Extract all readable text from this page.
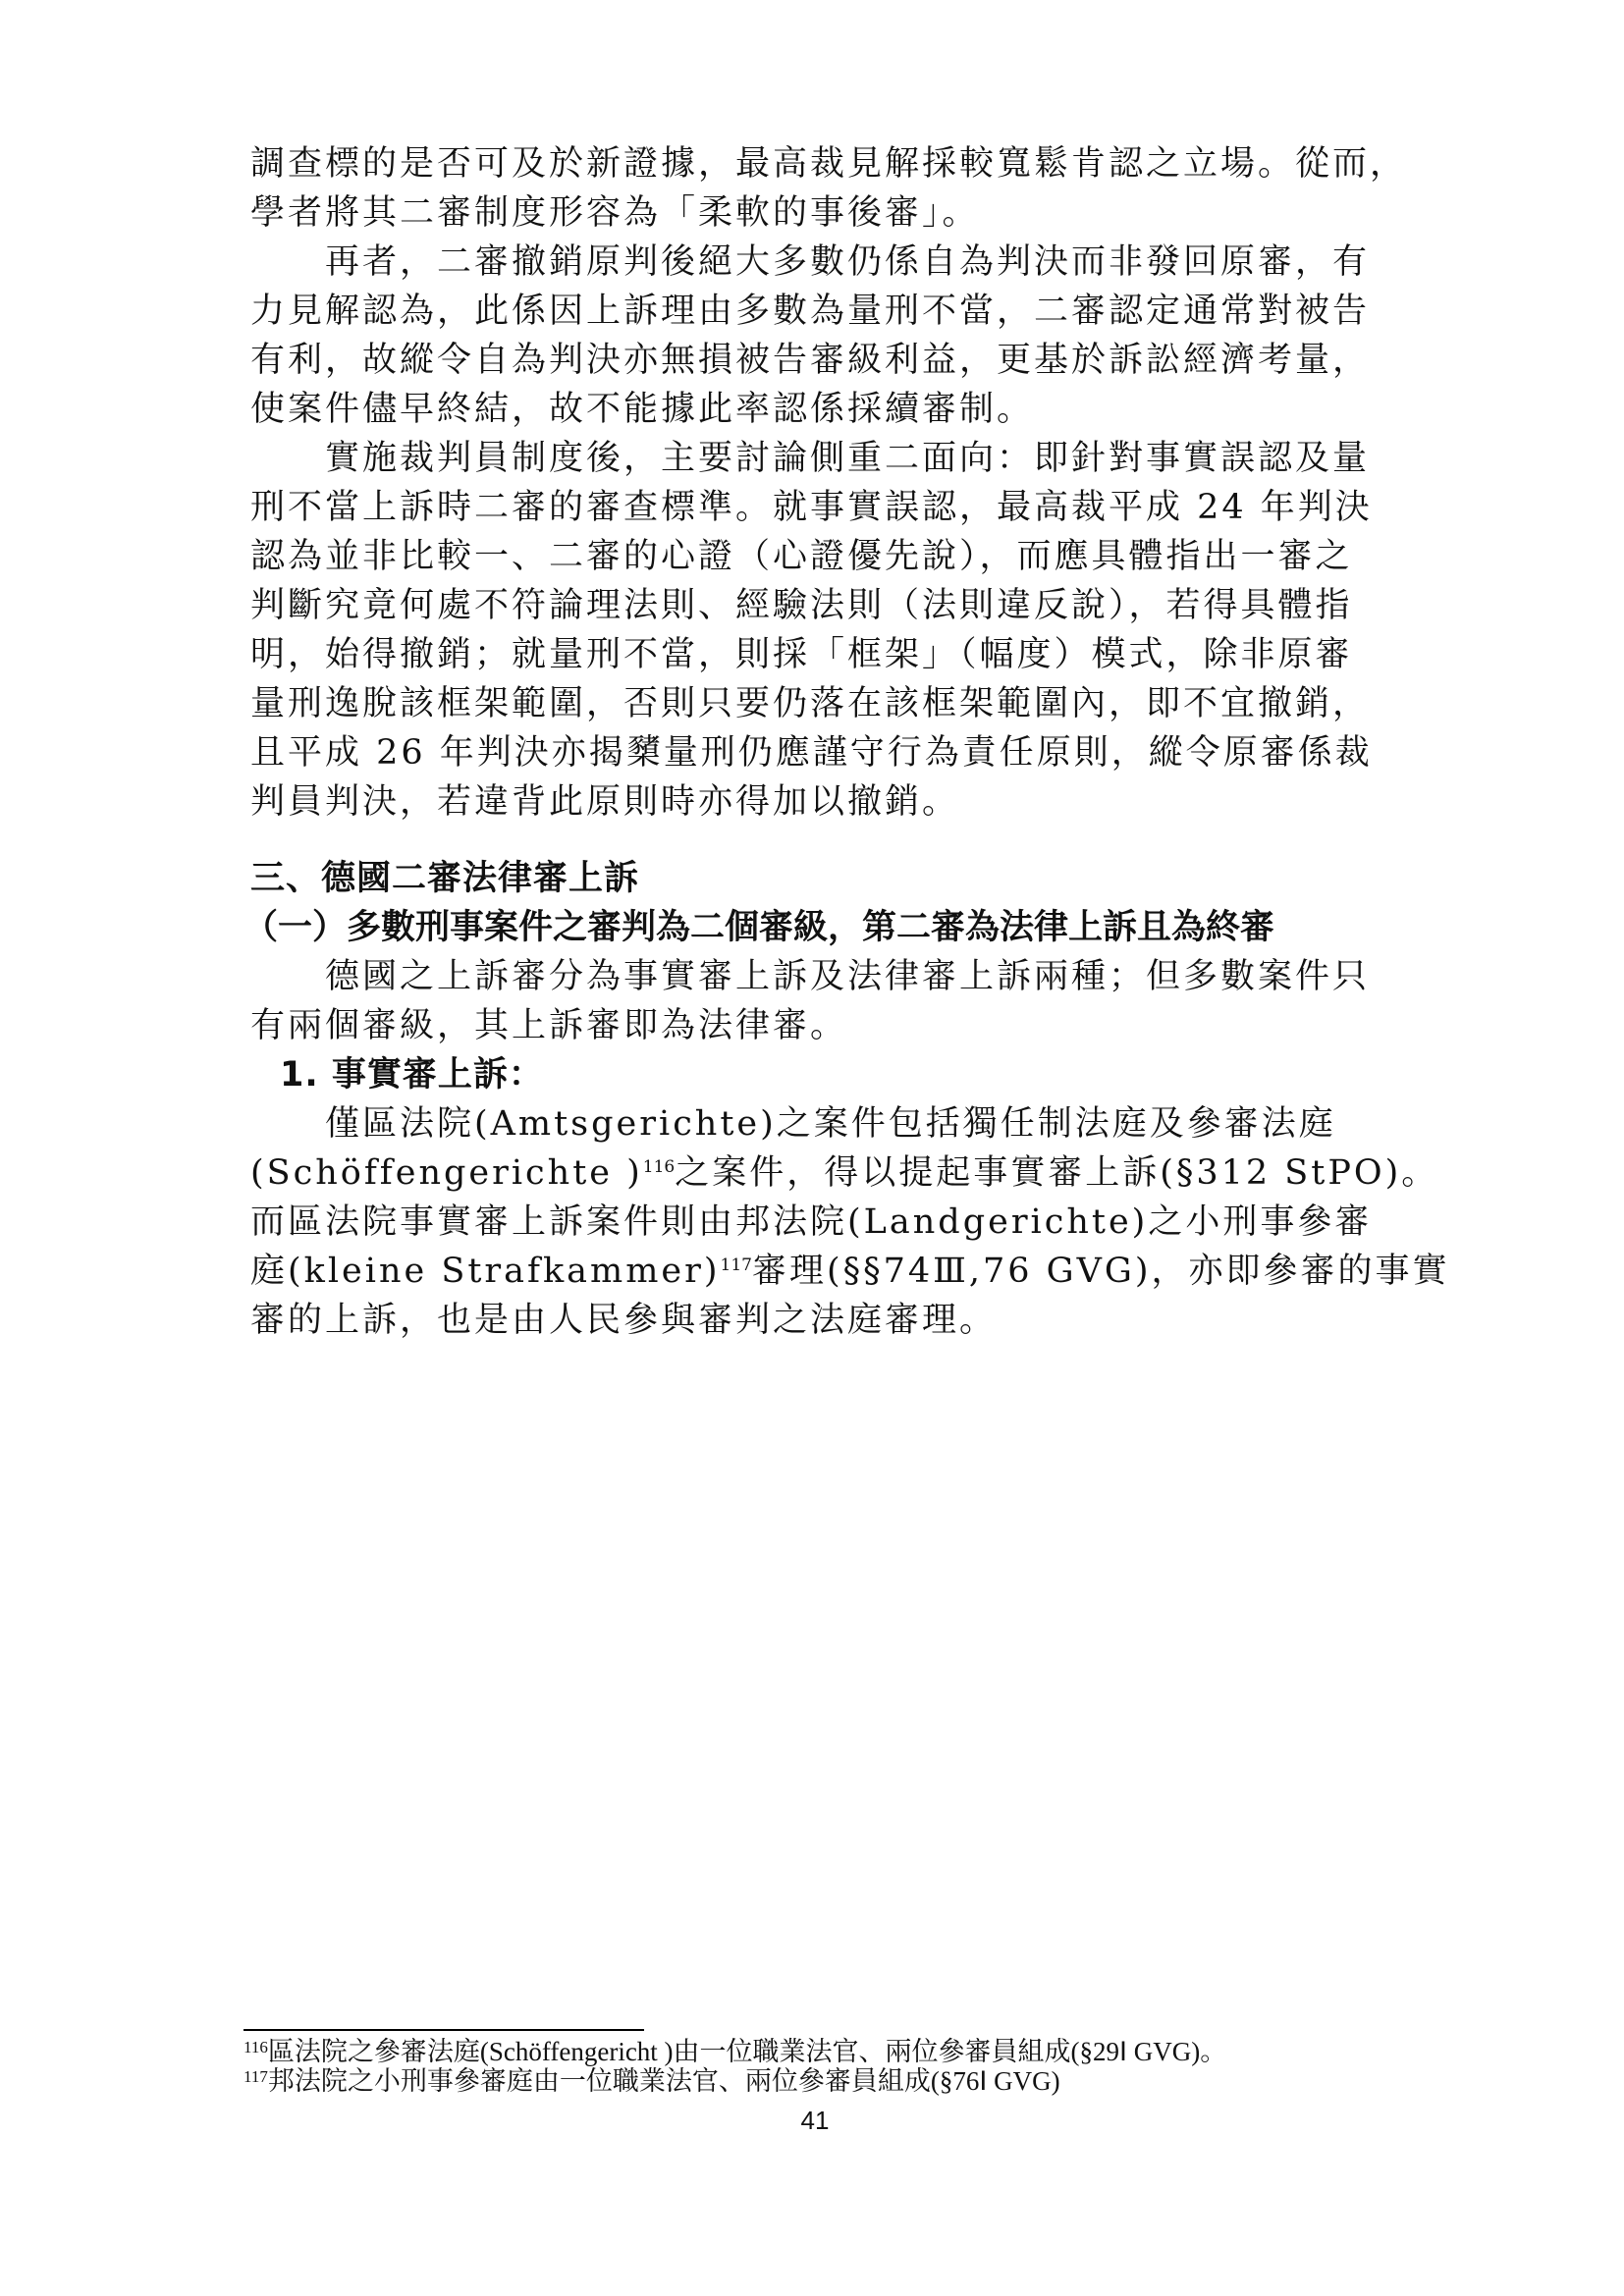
調查標的是否可及於新證據，最高裁見解採較寬鬆肯認之立場。從而，
學者將其二審制度形容為「柔軟的事後審」。
　　再者，二審撤銷原判後絕大多數仍係自為判決而非發回原審，有
力見解認為，此係因上訴理由多數為量刑不當，二審認定通常對被告
有利，故縱令自為判決亦無損被告審級利益，更基於訴訟經濟考量，
使案件儘早終結，故不能據此率認係採續審制。
　　實施裁判員制度後，主要討論側重二面向：即針對事實誤認及量
刑不當上訴時二審的審查標準。就事實誤認，最高裁平成 24 年判決
認為並非比較一、二審的心證（心證優先說），而應具體指出一審之
判斷究竟何處不符論理法則、經驗法則（法則違反說），若得具體指
明，始得撤銷；就量刑不當，則採「框架」（幅度）模式，除非原審
量刑逸脫該框架範圍，否則只要仍落在該框架範圍內，即不宜撤銷，
且平成 26 年判決亦揭櫫量刑仍應謹守行為責任原則，縱令原審係裁
判員判決，若違背此原則時亦得加以撤銷。
三、德國二審法律審上訴
（一）多數刑事案件之審判為二個審級，第二審為法律上訴且為終審
　　德國之上訴審分為事實審上訴及法律審上訴兩種；但多數案件只
有兩個審級，其上訴審即為法律審。
1. 事實審上訴：
　　僅區法院(Amtsgerichte)之案件包括獨任制法庭及參審法庭
(Schöffengerichte )$^{116}$之案件，得以提起事實審上訴(§312 StPO)。
而區法院事實審上訴案件則由邦法院(Landgerichte)之小刑事參審
庭(kleine Strafkammer)$^{117}$審理(§§74Ⅲ,76 GVG)，亦即參審的事實
審的上訴，也是由人民參與審判之法庭審理。
$^{116}$區法院之參審法庭(Schöffengericht )由一位職業法官、兩位參審員組成(§29Ⅰ GVG)。
$^{117}$邦法院之小刑事參審庭由一位職業法官、兩位參審員組成(§76Ⅰ GVG)
41
